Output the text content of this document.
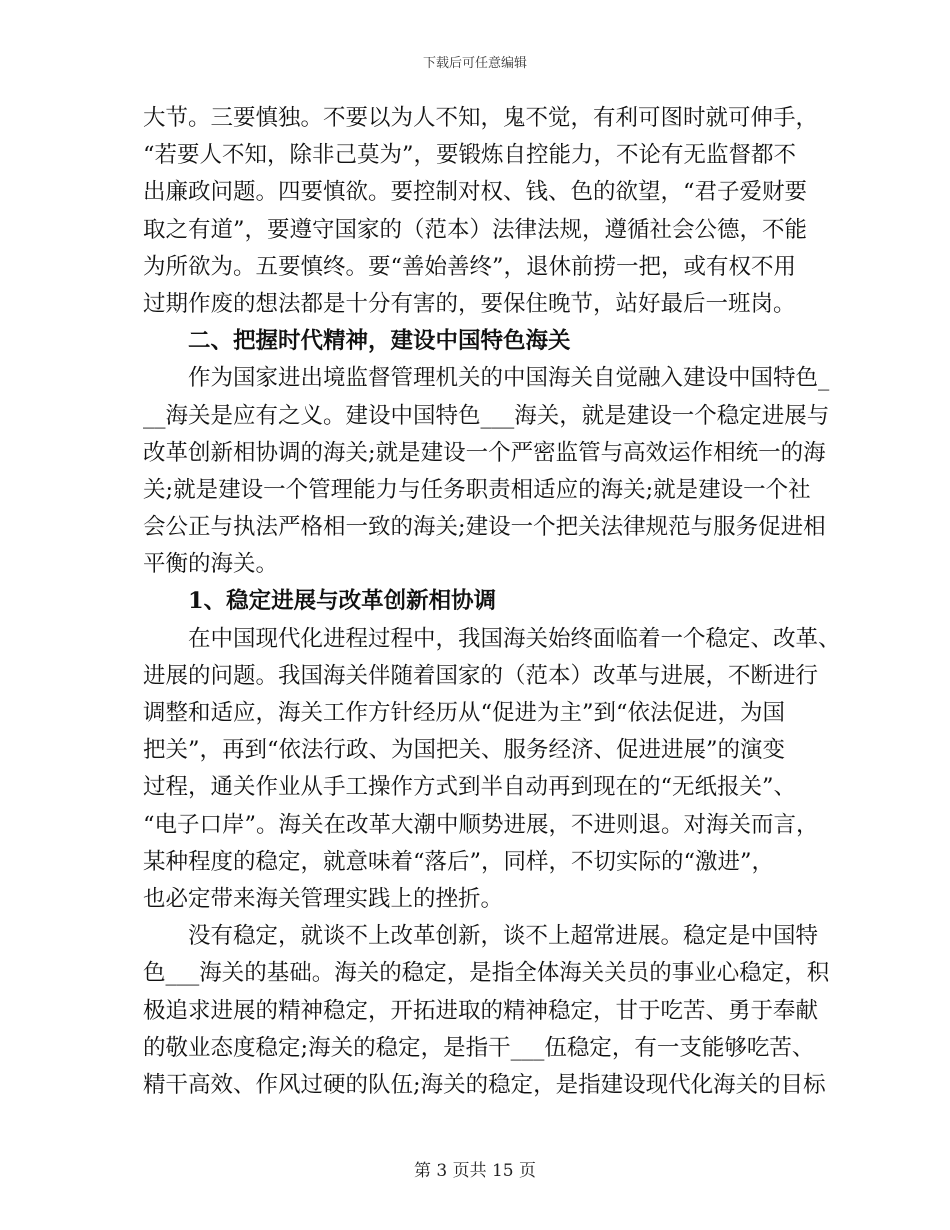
下载后可任意编辑
大节。三要慎独。不要以为人不知，鬼不觉，有利可图时就可伸手，
“若要人不知，除非己莫为”，要锻炼自控能力，不论有无监督都不
出廉政问题。四要慎欲。要控制对权、钱、色的欲望，“君子爱财要
取之有道”，要遵守国家的（范本）法律法规，遵循社会公德，不能
为所欲为。五要慎终。要“善始善终”，退休前捞一把，或有权不用
过期作废的想法都是十分有害的，要保住晚节，站好最后一班岗。
二、把握时代精神，建设中国特色海关
作为国家进出境监督管理机关的中国海关自觉融入建设中国特色_
__海关是应有之义。建设中国特色___海关，就是建设一个稳定进展与
改革创新相协调的海关;就是建设一个严密监管与高效运作相统一的海
关;就是建设一个管理能力与任务职责相适应的海关;就是建设一个社
会公正与执法严格相一致的海关;建设一个把关法律规范与服务促进相
平衡的海关。
1、稳定进展与改革创新相协调
在中国现代化进程过程中，我国海关始终面临着一个稳定、改革、
进展的问题。我国海关伴随着国家的（范本）改革与进展，不断进行
调整和适应，海关工作方针经历从“促进为主”到“依法促进，为国
把关”，再到“依法行政、为国把关、服务经济、促进进展”的演变
过程，通关作业从手工操作方式到半自动再到现在的“无纸报关”、
“电子口岸”。海关在改革大潮中顺势进展，不进则退。对海关而言，
某种程度的稳定，就意味着“落后”，同样，不切实际的“激进”，
也必定带来海关管理实践上的挫折。
没有稳定，就谈不上改革创新，谈不上超常进展。稳定是中国特
色___海关的基础。海关的稳定，是指全体海关关员的事业心稳定，积
极追求进展的精神稳定，开拓进取的精神稳定，甘于吃苦、勇于奉献
的敬业态度稳定;海关的稳定，是指干___伍稳定，有一支能够吃苦、
精干高效、作风过硬的队伍;海关的稳定，是指建设现代化海关的目标
第 3 页共 15 页
